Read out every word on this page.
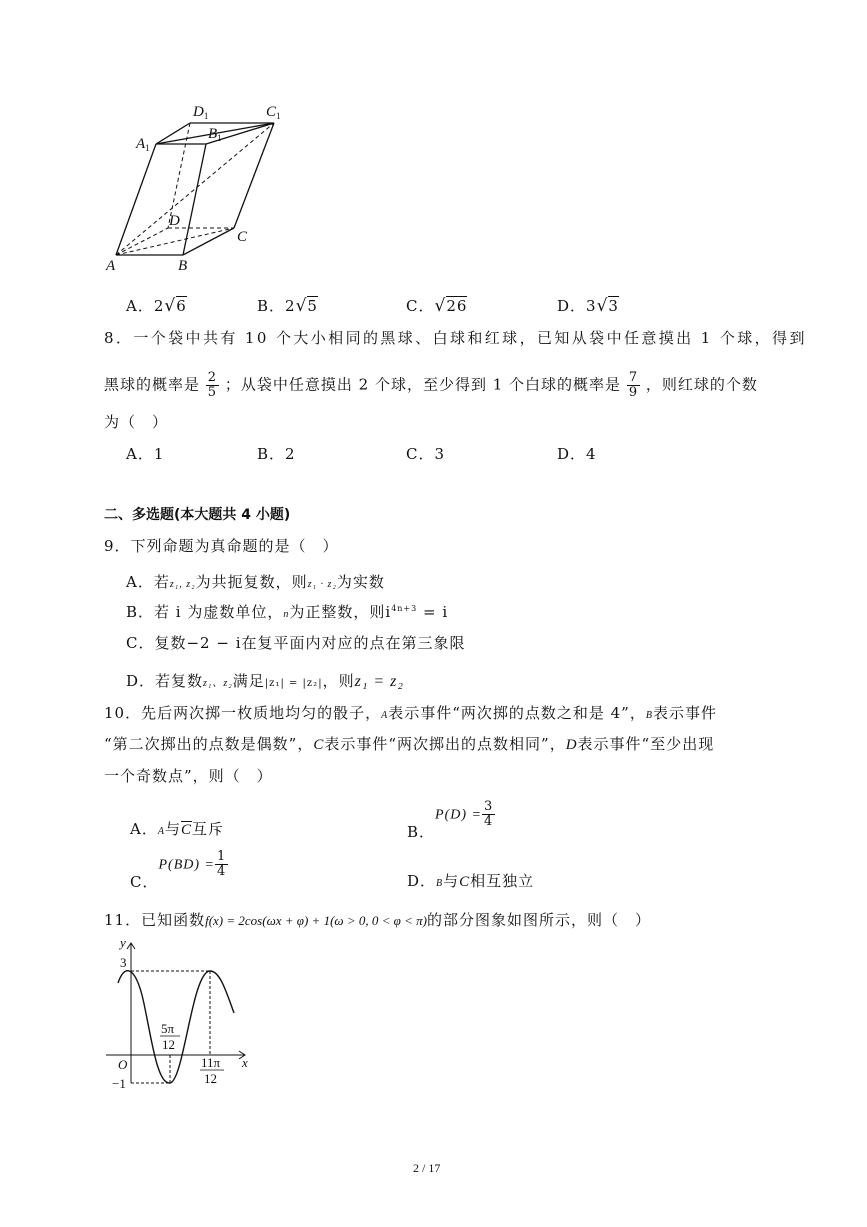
$D_1$	$C_1$
$A_1$
$B_1$
D
C
A	B
A．2√6	B．2√5	C．√26	D．3√3
8．一个袋中共有 10 个大小相同的黑球、白球和红球，已知从袋中任意摸出 1 个球，得到
黑球的概率是 $\frac{2}{5}$ ；从袋中任意摸出 2 个球，至少得到 1 个白球的概率是 $\frac{7}{9}$ ，则红球的个数
为（　）
A．1	B．2	C．3	D．4
二、多选题(本大题共 4 小题)
9．下列命题为真命题的是（　）
A．若z₁, z₂为共扼复数，则z₁ · z₂为实数
B．若 i 为虚数单位，n为正整数，则$i^{4n+3} = i$
C．复数−2 − i在复平面内对应的点在第三象限
D．若复数z₁、z₂满足|z₁| = |z₂|，则z₁ = z₂
10．先后两次掷一枚质地均匀的骰子，A表示事件“两次掷的点数之和是 4”，B表示事件
“第二次掷出的点数是偶数”，C表示事件“两次掷出的点数相同”，D表示事件“至少出现
一个奇数点”，则（　）
A．A与$\overline{C}$互斥	B．$P(D) = \frac{3}{4}$
C．$P(BD) = \frac{1}{4}$
D．B与C相互独立
11．已知函数f(x) = 2cos(ωx + φ) + 1(ω > 0, 0 < φ < π)的部分图象如图所示，则（　）
y
x
O
3
−1
5π
12
11π
12
2 / 17
